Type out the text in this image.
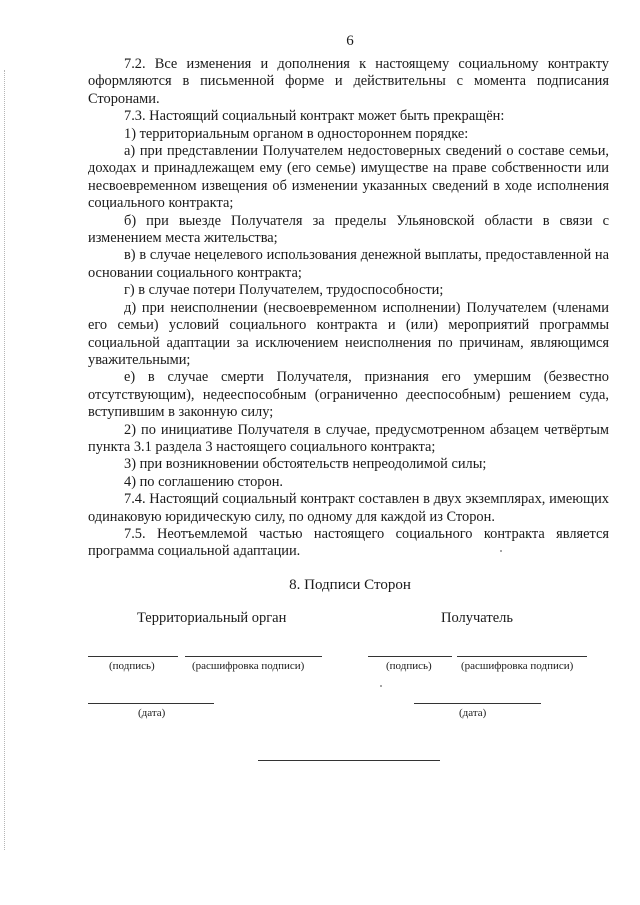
6

7.2. Все изменения и дополнения к настоящему социальному контракту оформляются в письменной форме и действительны с момента подписания Сторонами.

7.3. Настоящий социальный контракт может быть прекращён:

1) территориальным органом в одностороннем порядке:

а) при представлении Получателем недостоверных сведений о составе семьи, доходах и принадлежащем ему (его семье) имуществе на праве собственности или несвоевременном извещения об изменении указанных сведений в ходе исполнения социального контракта;

б) при выезде Получателя за пределы Ульяновской области в связи с изменением места жительства;

в) в случае нецелевого использования денежной выплаты, предоставленной на основании социального контракта;

г) в случае потери Получателем, трудоспособности;

д) при неисполнении (несвоевременном исполнении) Получателем (членами его семьи) условий социального контракта и (или) мероприятий программы социальной адаптации за исключением неисполнения по причинам, являющимся уважительными;

е) в случае смерти Получателя, признания его умершим (безвестно отсутствующим), недееспособным (ограниченно дееспособным) решением суда, вступившим в законную силу;

2) по инициативе Получателя в случае, предусмотренном абзацем четвёртым пункта 3.1 раздела 3 настоящего социального контракта;

3) при возникновении обстоятельств непреодолимой силы;

4) по соглашению сторон.

7.4. Настоящий социальный контракт составлен в двух экземплярах, имеющих одинаковую юридическую силу, по одному для каждой из Сторон.

7.5. Неотъемлемой частью настоящего социального контракта является программа социальной адаптации.

8. Подписи Сторон
Территориальный орган	Получатель
(подпись)	(расшифровка подписи)
(дата)
(подпись)	(расшифровка подписи)
(дата)
